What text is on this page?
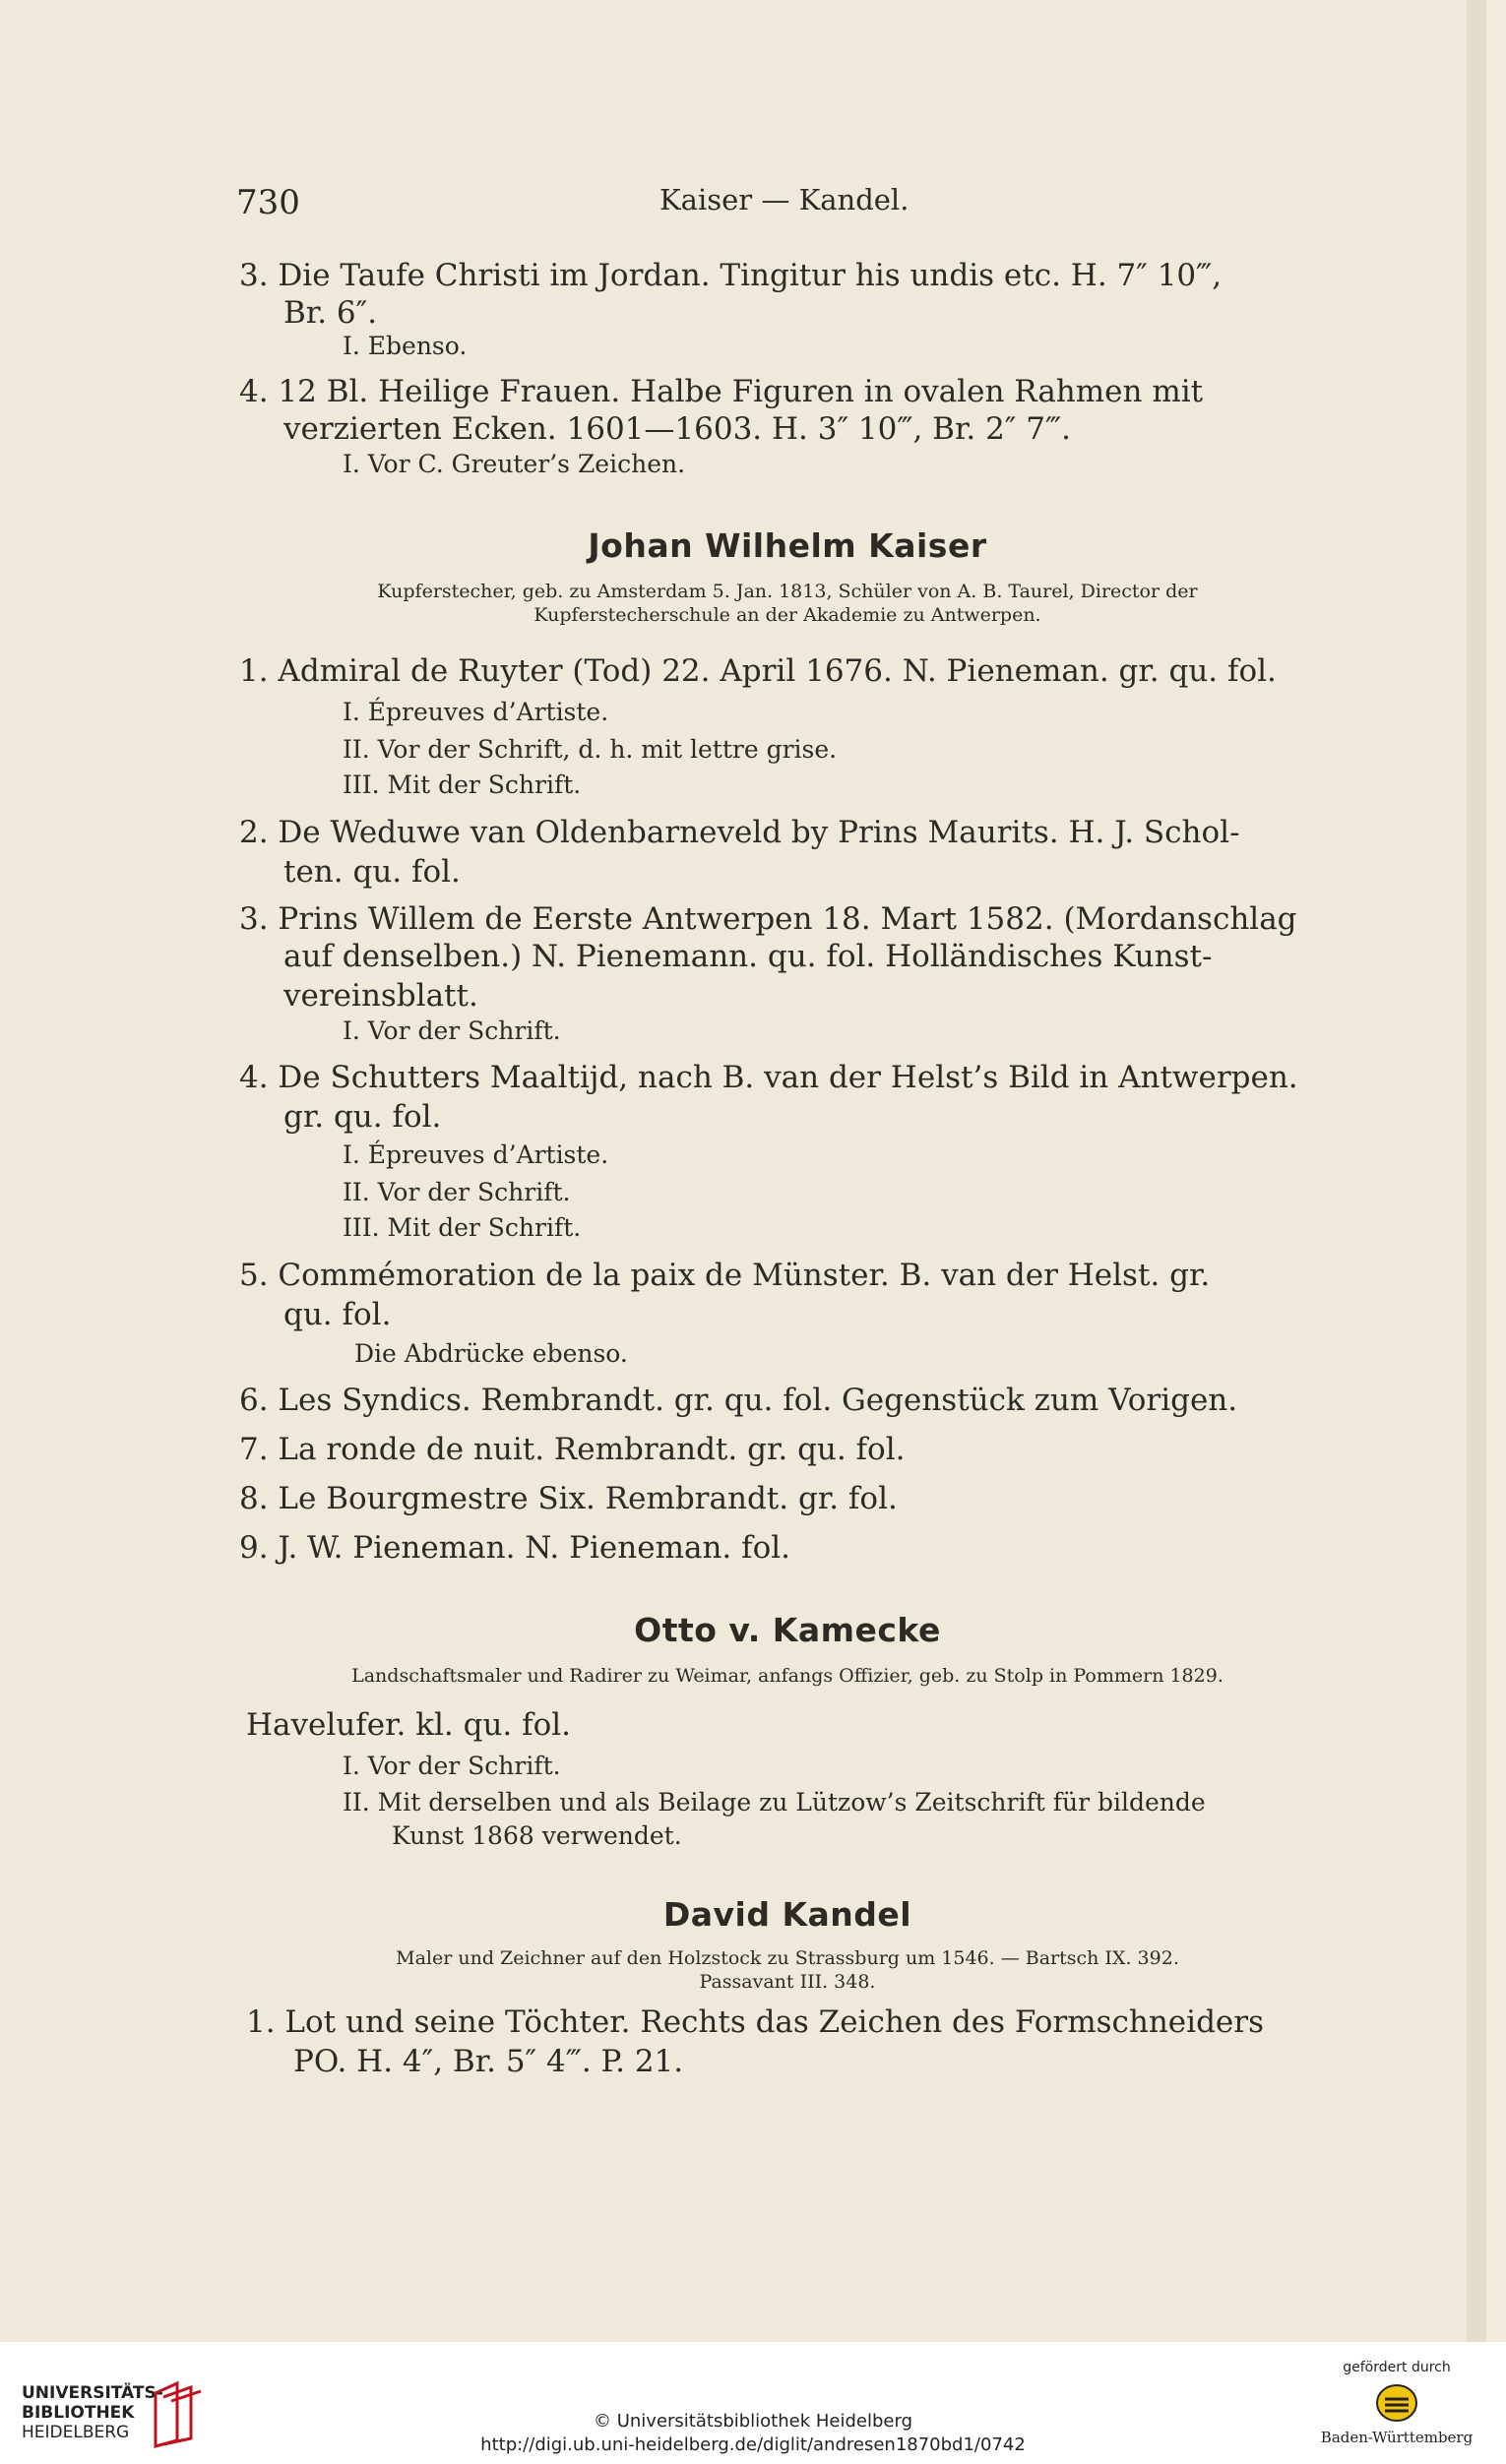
730	Kaiser — Kandel.
3. Die Taufe Christi im Jordan. Tingitur his undis etc. H. 7″ 10‴,
Br. 6″.
I. Ebenso.
4. 12 Bl. Heilige Frauen. Halbe Figuren in ovalen Rahmen mit
verzierten Ecken. 1601—1603. H. 3″ 10‴, Br. 2″ 7‴.
I. Vor C. Greuter’s Zeichen.
Johan Wilhelm Kaiser
Kupferstecher, geb. zu Amsterdam 5. Jan. 1813, Schüler von A. B. Taurel, Director der
Kupferstecherschule an der Akademie zu Antwerpen.
1. Admiral de Ruyter (Tod) 22. April 1676. N. Pieneman. gr. qu. fol.
I. Épreuves d’Artiste.
II. Vor der Schrift, d. h. mit lettre grise.
III. Mit der Schrift.
2. De Weduwe van Oldenbarneveld by Prins Maurits. H. J. Schol-
ten. qu. fol.
3. Prins Willem de Eerste Antwerpen 18. Mart 1582. (Mordanschlag
auf denselben.) N. Pienemann. qu. fol. Holländisches Kunst-
vereinsblatt.
I. Vor der Schrift.
4. De Schutters Maaltijd, nach B. van der Helst’s Bild in Antwerpen.
gr. qu. fol.
I. Épreuves d’Artiste.
II. Vor der Schrift.
III. Mit der Schrift.
5. Commémoration de la paix de Münster. B. van der Helst. gr.
qu. fol.
Die Abdrücke ebenso.
6. Les Syndics. Rembrandt. gr. qu. fol. Gegenstück zum Vorigen.
7. La ronde de nuit. Rembrandt. gr. qu. fol.
8. Le Bourgmestre Six. Rembrandt. gr. fol.
9. J. W. Pieneman. N. Pieneman. fol.
Otto v. Kamecke
Landschaftsmaler und Radirer zu Weimar, anfangs Offizier, geb. zu Stolp in Pommern 1829.
Havelufer. kl. qu. fol.
I. Vor der Schrift.
II. Mit derselben und als Beilage zu Lützow’s Zeitschrift für bildende
Kunst 1868 verwendet.
David Kandel
Maler und Zeichner auf den Holzstock zu Strassburg um 1546. — Bartsch IX. 392.
Passavant III. 348.
1. Lot und seine Töchter. Rechts das Zeichen des Formschneiders
PO. H. 4″, Br. 5″ 4‴. P. 21.
UNIVERSITÄTS-
BIBLIOTHEK
HEIDELBERG
© Universitätsbibliothek Heidelberg
http://digi.ub.uni-heidelberg.de/diglit/andresen1870bd1/0742
gefördert durch
Baden-Württemberg
